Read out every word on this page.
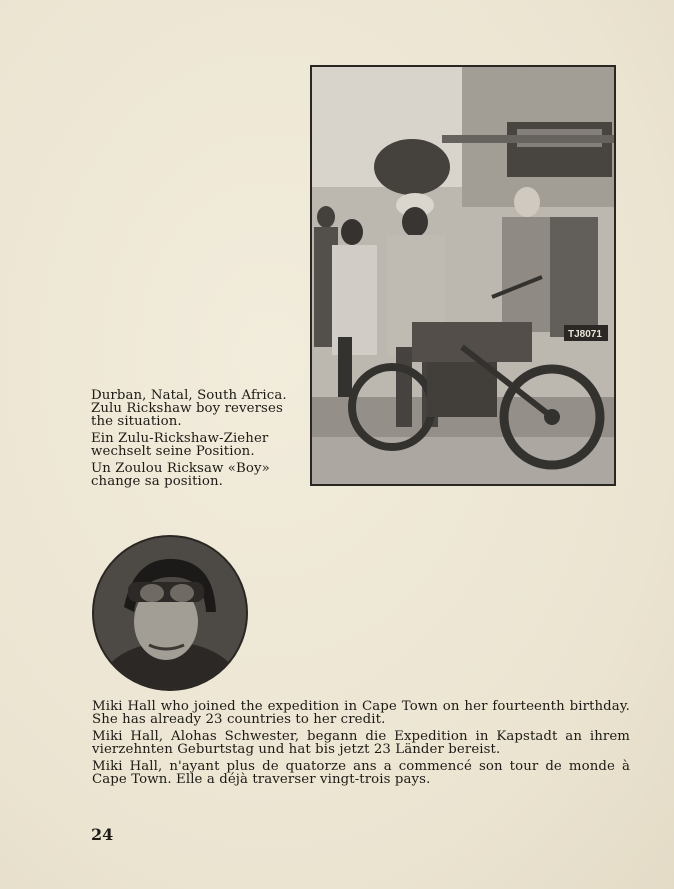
TJ8071

Durban, Natal, South Africa. Zulu Rickshaw boy reverses the situation.

Ein Zulu-Rickshaw-Zieher wechselt seine Position.

Un Zoulou Ricksaw «Boy» change sa position.

Miki Hall who joined the expedition in Cape Town on her fourteenth birthday. She has already 23 countries to her credit.

Miki Hall, Alohas Schwester, begann die Expedition in Kapstadt an ihrem vierzehnten Geburtstag und hat bis jetzt 23 Länder bereist.

Miki Hall, n'ayant plus de quatorze ans a commencé son tour de monde à Cape Town. Elle a déjà traverser vingt-trois pays.

24
